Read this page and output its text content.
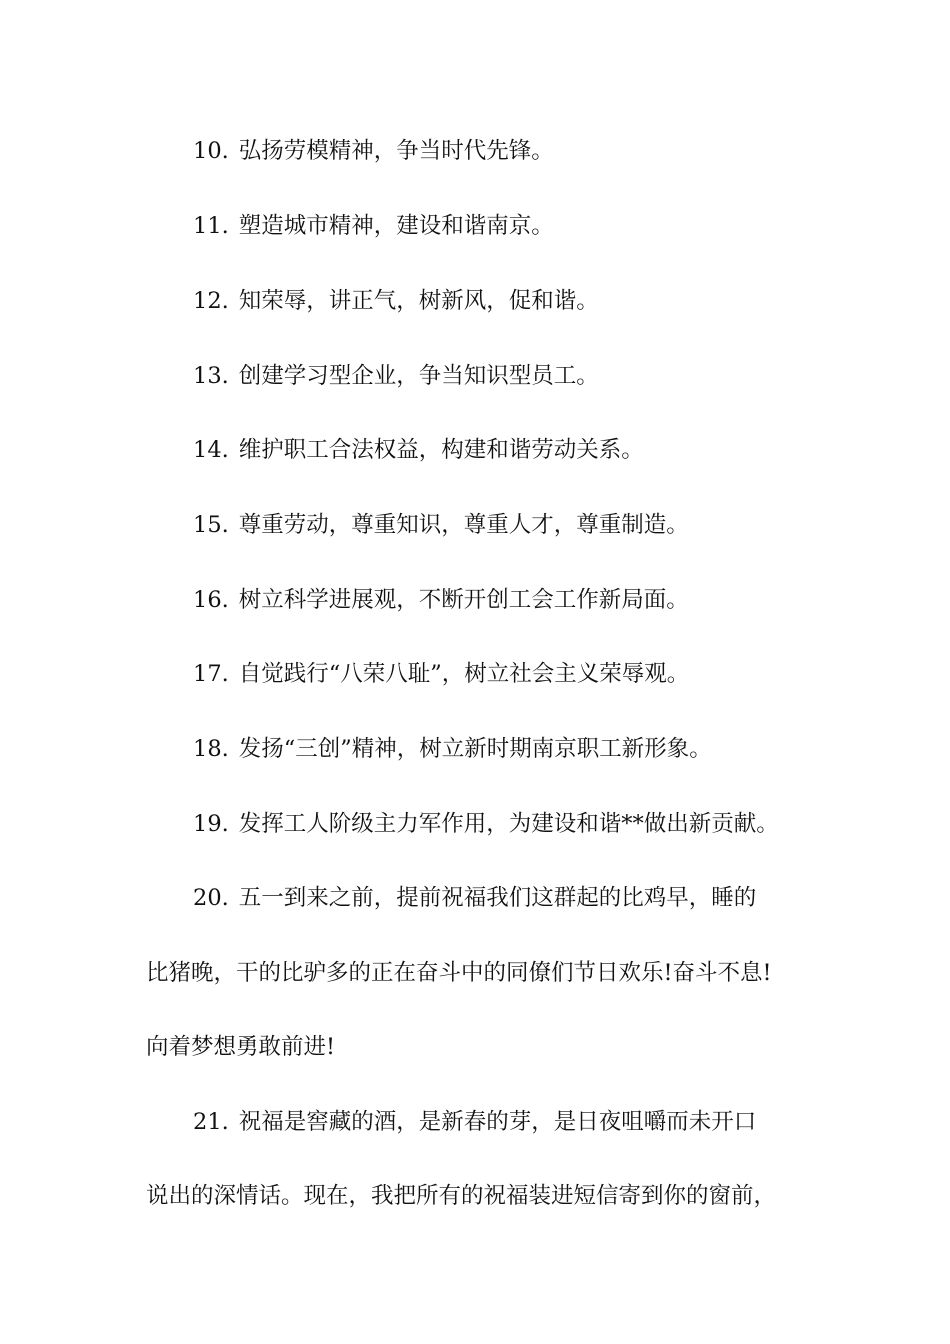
10. 弘扬劳模精神，争当时代先锋。
11. 塑造城市精神，建设和谐南京。
12. 知荣辱，讲正气，树新风，促和谐。
13. 创建学习型企业，争当知识型员工。
14. 维护职工合法权益，构建和谐劳动关系。
15. 尊重劳动，尊重知识，尊重人才，尊重制造。
16. 树立科学进展观，不断开创工会工作新局面。
17. 自觉践行“八荣八耻”，树立社会主义荣辱观。
18. 发扬“三创”精神，树立新时期南京职工新形象。
19. 发挥工人阶级主力军作用，为建设和谐**做出新贡献。
20. 五一到来之前，提前祝福我们这群起的比鸡早，睡的
比猪晚，干的比驴多的正在奋斗中的同僚们节日欢乐!奋斗不息!
向着梦想勇敢前进!
21. 祝福是窖藏的酒，是新春的芽，是日夜咀嚼而未开口
说出的深情话。现在，我把所有的祝福装进短信寄到你的窗前，
